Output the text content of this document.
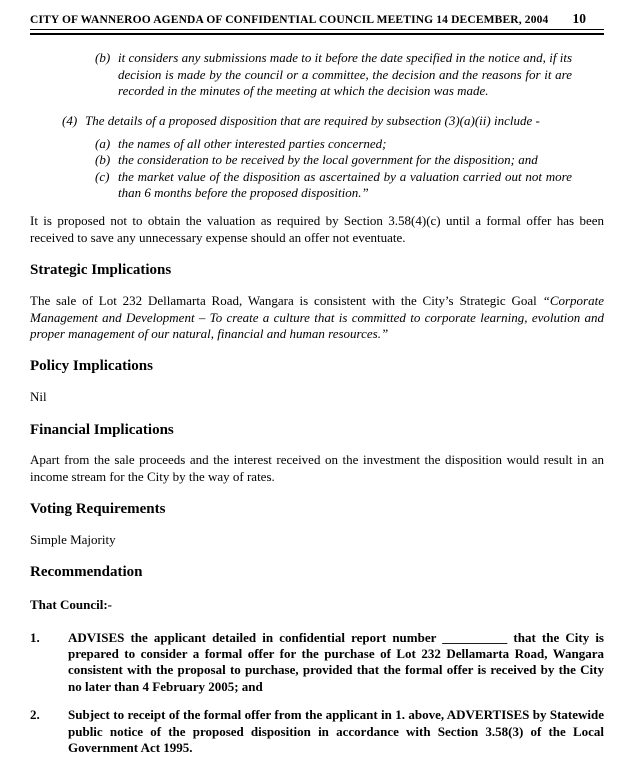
CITY OF WANNEROO AGENDA OF CONFIDENTIAL COUNCIL MEETING 14 DECEMBER, 2004 10
(b) it considers any submissions made to it before the date specified in the notice and, if its decision is made by the council or a committee, the decision and the reasons for it are recorded in the minutes of the meeting at which the decision was made.
(4) The details of a proposed disposition that are required by subsection (3)(a)(ii) include -
(a) the names of all other interested parties concerned;
(b) the consideration to be received by the local government for the disposition; and
(c) the market value of the disposition as ascertained by a valuation carried out not more than 6 months before the proposed disposition.”
It is proposed not to obtain the valuation as required by Section 3.58(4)(c) until a formal offer has been received to save any unnecessary expense should an offer not eventuate.
Strategic Implications
The sale of Lot 232 Dellamarta Road, Wangara is consistent with the City’s Strategic Goal “Corporate Management and Development – To create a culture that is committed to corporate learning, evolution and proper management of our natural, financial and human resources.”
Policy Implications
Nil
Financial Implications
Apart from the sale proceeds and the interest received on the investment the disposition would result in an income stream for the City by the way of rates.
Voting Requirements
Simple Majority
Recommendation
That Council:-
1.	ADVISES the applicant detailed in confidential report number __________ that the City is prepared to consider a formal offer for the purchase of Lot 232 Dellamarta Road, Wangara consistent with the proposal to purchase, provided that the formal offer is received by the City no later than 4 February 2005; and
2.	Subject to receipt of the formal offer from the applicant in 1. above, ADVERTISES by Statewide public notice of the proposed disposition in accordance with Section 3.58(3) of the Local Government Act 1995.
